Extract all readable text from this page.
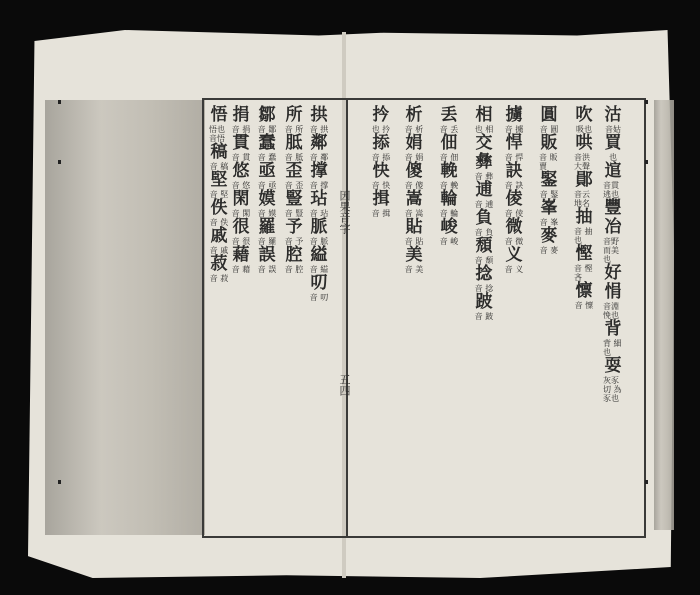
因果音字
五四
沽
音姑
買
也
逭
音貫 逃也
豐
冶
音野 而美也
好
悁
音淵 悗也
背
背 細也
耍
灰豕切 為豕也
吹
吸也
哄
音洪 大聲
鄖
音云 地名
抽
音 抽也
慳
音 慳吝
懔
音 懍
圓
音 圓
販
音 販賣
鋻
音 鋻
峯
音 峯
麥
音 麥
擄
音 擄
悍
音 悍
訣
音 訣
倰
音 倰
微
音 微
义
音 义
相
也 相
交
彝
音 彝
逋
音 逋
負
音 負
頹
音 頹
捻
音 捻
跛
音 跛
丢
音 丢
佃
音 佃
輓
音 輓
輪
音 輪
峻
音 峻
析
音 析
娟
音 娟
傻
音 傻
嵩
音 嵩
貼
音 貼
美
音 美
扲
也 扲
掭
音 掭
快
音 快
揖
音 揖
拱
音 拱
鄰
音 鄰
撑
音 撑
玷
音 玷
脈
音 脈
縊
音 縊
叨
音 叨
所
音 所
胝
音 胝
歪
音 歪
豎
音 豎
予
音 予
腔
音 腔
鄒
音 鄒
蠢
音 蠢
亟
音 亟
嫫
音 嫫
羅
音 羅
誤
音 誤
捐
音 捐
貫
音 貫
悠
音 悠
閑
音 閑
很
音 很
藉
音 藉
悟
悟也 音悟
稿
音 稿
堅
音 堅
佚
音 佚
戚
音 戚
菽
音 菽
